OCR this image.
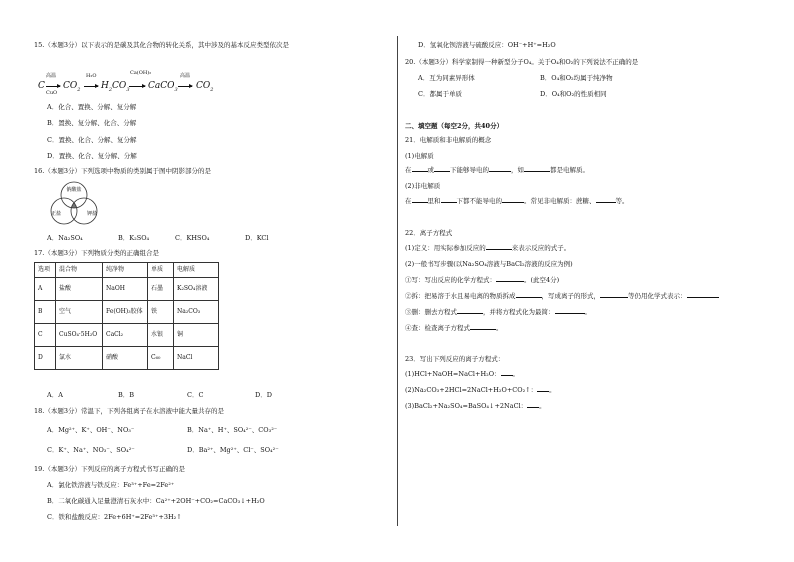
15.（本题3分）以下表示的是碳及其化合物的转化关系，其中涉及的基本反应类型依次是
C
高温
CuO
$CO_2$
H₂O
$H_2CO_3$
Ca(OH)₂
CaCO$_3$
高温
$CO_2$
A．化合、置换、分解、复分解
B．置换、复分解、化合、分解
C．置换、化合、分解、复分解
D．置换、化合、复分解、分解
16.（本题3分）下列选项中物质的类别属于图中阴影部分的是
钠酸盐
正盐	钾盐
A．Na₂SO₄	B．K₂SO₄	C．KHSO₄	D．KCl
17.（本题3分）下列物质分类的正确组合是
选项	混合物	纯净物	单质	电解质
A	盐酸	NaOH	石墨	K₂SO₄溶液
B	空气	Fe(OH)₃胶体	铁	Na₂CO₃
C	CuSO₄·5H₂O	CaCl₂	水银	铜
D	氯水	硝酸	C₆₀	NaCl
A．A	B．B	C．C	D．D
18.（本题3分）常温下，下列各组离子在水溶液中能大量共存的是
A．Mg²⁺、K⁺、OH⁻、NO₃⁻	B．Na⁺、H⁺、SO₄²⁻、CO₃²⁻
C．K⁺、Na⁺、NO₃⁻、SO₄²⁻	D．Ba²⁺、Mg²⁺、Cl⁻、SO₄²⁻
19.（本题3分）下列反应的离子方程式书写正确的是
A．氯化铁溶液与铁反应：Fe³⁺+Fe=2Fe²⁺
B．二氧化碳通入足量澄清石灰水中：Ca²⁺+2OH⁻+CO₂=CaCO₃↓+H₂O
C．铁和盐酸反应：2Fe+6H⁺=2Fe³⁺+3H₂↑
D．氢氧化钡溶液与硫酸反应：OH⁻+H⁺=H₂O
20.（本题3分）科学家制得一种新型分子O₄。关于O₄和O₂的下列说法不正确的是
A．互为同素异形体	B．O₄和O₂均属于纯净物
C．都属于单质	D．O₄和O₂的性质相同
二、填空题（每空2分，共40分）
21．电解质和非电解质的概念
(1)电解质
在 或 下能够导电的	，如	都是电解质。
(2)非电解质
在 里和 下都不能导电的	。常见非电解质：蔗糖、	等。
22．离子方程式
(1)定义：用实际参加反应的	来表示反应的式子。
(2)一般书写步骤(以Na₂SO₄溶液与BaCl₂溶液的反应为例)
①写：写出反应的化学方程式：	。(此空4分)
②拆：把易溶于水且易电离的物质拆成	，写成离子的形式，	等仍用化学式表示：
③删：删去方程式	，并将方程式化为最简：	。
④查：检查离子方程式	。
23．写出下列反应的离子方程式：
(1)HCl+NaOH=NaCl+H₂O： 。
(2)Na₂CO₃+2HCl=2NaCl+H₂O+CO₂↑： 。
(3)BaCl₂+Na₂SO₄=BaSO₄↓+2NaCl： 。
